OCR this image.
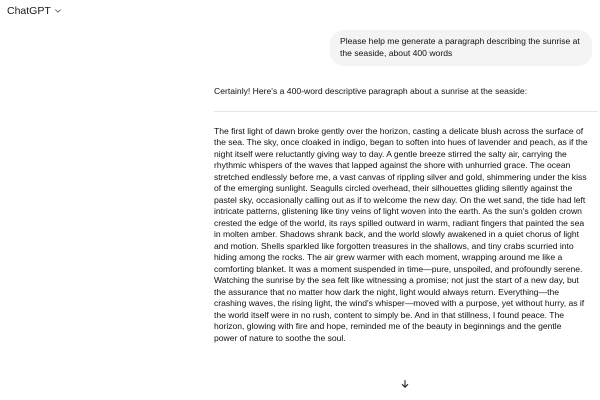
ChatGPT
Please help me generate a paragraph describing the sunrise at the seaside, about 400 words
Certainly! Here's a 400-word descriptive paragraph about a sunrise at the seaside:
The first light of dawn broke gently over the horizon, casting a delicate blush across the surface of
the sea. The sky, once cloaked in indigo, began to soften into hues of lavender and peach, as if the
night itself were reluctantly giving way to day. A gentle breeze stirred the salty air, carrying the
rhythmic whispers of the waves that lapped against the shore with unhurried grace. The ocean
stretched endlessly before me, a vast canvas of rippling silver and gold, shimmering under the kiss
of the emerging sunlight. Seagulls circled overhead, their silhouettes gliding silently against the
pastel sky, occasionally calling out as if to welcome the new day. On the wet sand, the tide had left
intricate patterns, glistening like tiny veins of light woven into the earth. As the sun's golden crown
crested the edge of the world, its rays spilled outward in warm, radiant fingers that painted the sea
in molten amber. Shadows shrank back, and the world slowly awakened in a quiet chorus of light
and motion. Shells sparkled like forgotten treasures in the shallows, and tiny crabs scurried into
hiding among the rocks. The air grew warmer with each moment, wrapping around me like a
comforting blanket. It was a moment suspended in time—pure, unspoiled, and profoundly serene.
Watching the sunrise by the sea felt like witnessing a promise; not just the start of a new day, but
the assurance that no matter how dark the night, light would always return. Everything—the
crashing waves, the rising light, the wind's whisper—moved with a purpose, yet without hurry, as if
the world itself were in no rush, content to simply be. And in that stillness, I found peace. The
horizon, glowing with fire and hope, reminded me of the beauty in beginnings and the gentle
power of nature to soothe the soul.
